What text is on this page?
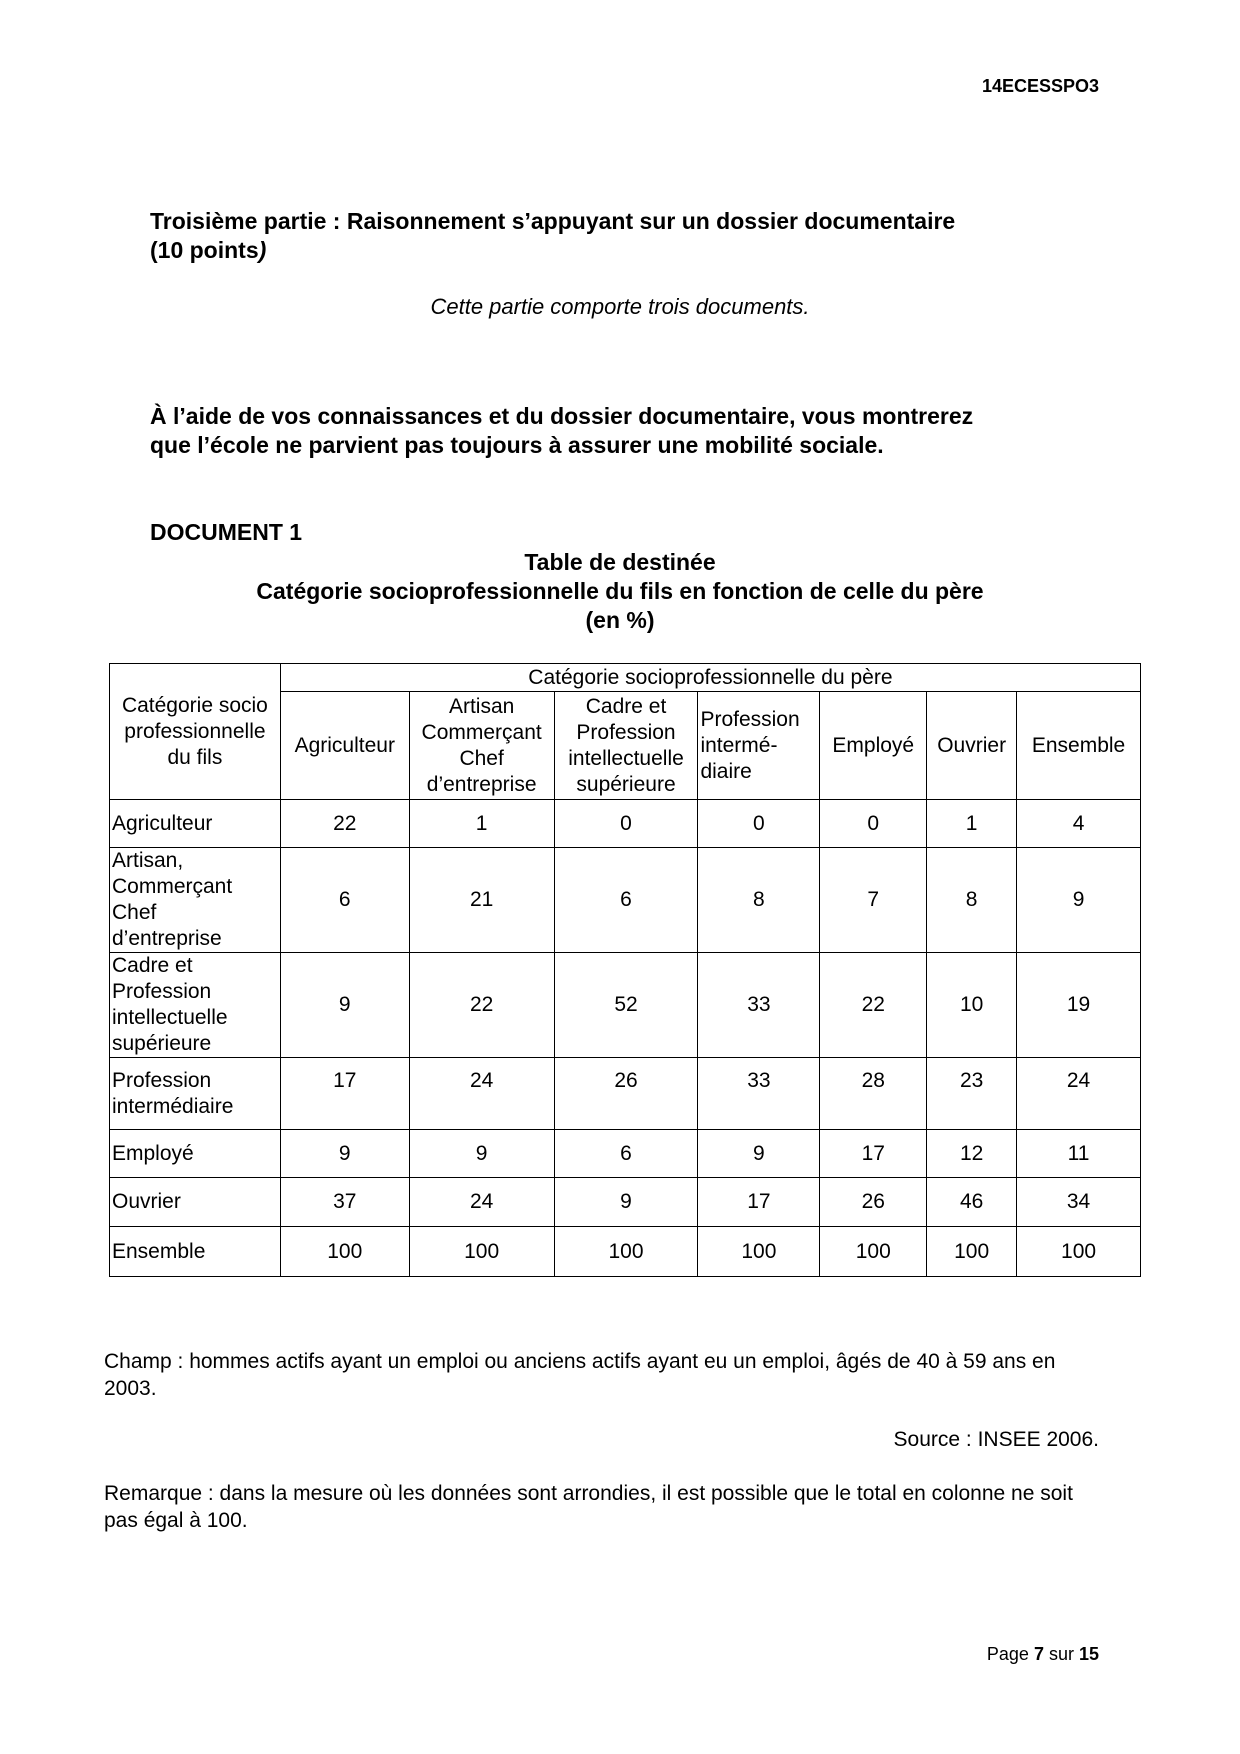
14ECESSPO3
Troisième partie : Raisonnement s’appuyant sur un dossier documentaire
(10 points)
Cette partie comporte trois documents.
À l’aide de vos connaissances et du dossier documentaire, vous montrerez
que l’école ne parvient pas toujours à assurer une mobilité sociale.
DOCUMENT 1
Table de destinée
Catégorie socioprofessionnelle du fils en fonction de celle du père
(en %)
Catégorie socio
professionnelle
du fils	Catégorie socioprofessionnelle du père						
	Agriculteur	Artisan
Commerçant
Chef
d’entreprise	Cadre et
Profession
intellectuelle
supérieure	Profession
intermé-
diaire	Employé	Ouvrier	Ensemble
Agriculteur	22	1	0	0	0	1	4
Artisan,
Commerçant
Chef
d’entreprise	6	21	6	8	7	8	9
Cadre et
Profession
intellectuelle
supérieure	9	22	52	33	22	10	19
Profession
intermédiaire	17	24	26	33	28	23	24
Employé	9	9	6	9	17	12	11
Ouvrier	37	24	9	17	26	46	34
Ensemble	100	100	100	100	100	100	100
Champ : hommes actifs ayant un emploi ou anciens actifs ayant eu un emploi, âgés de 40 à 59 ans en 2003.
Source : INSEE 2006.
Remarque : dans la mesure où les données sont arrondies, il est possible que le total en colonne ne soit pas égal à 100.
Page 7 sur 15
